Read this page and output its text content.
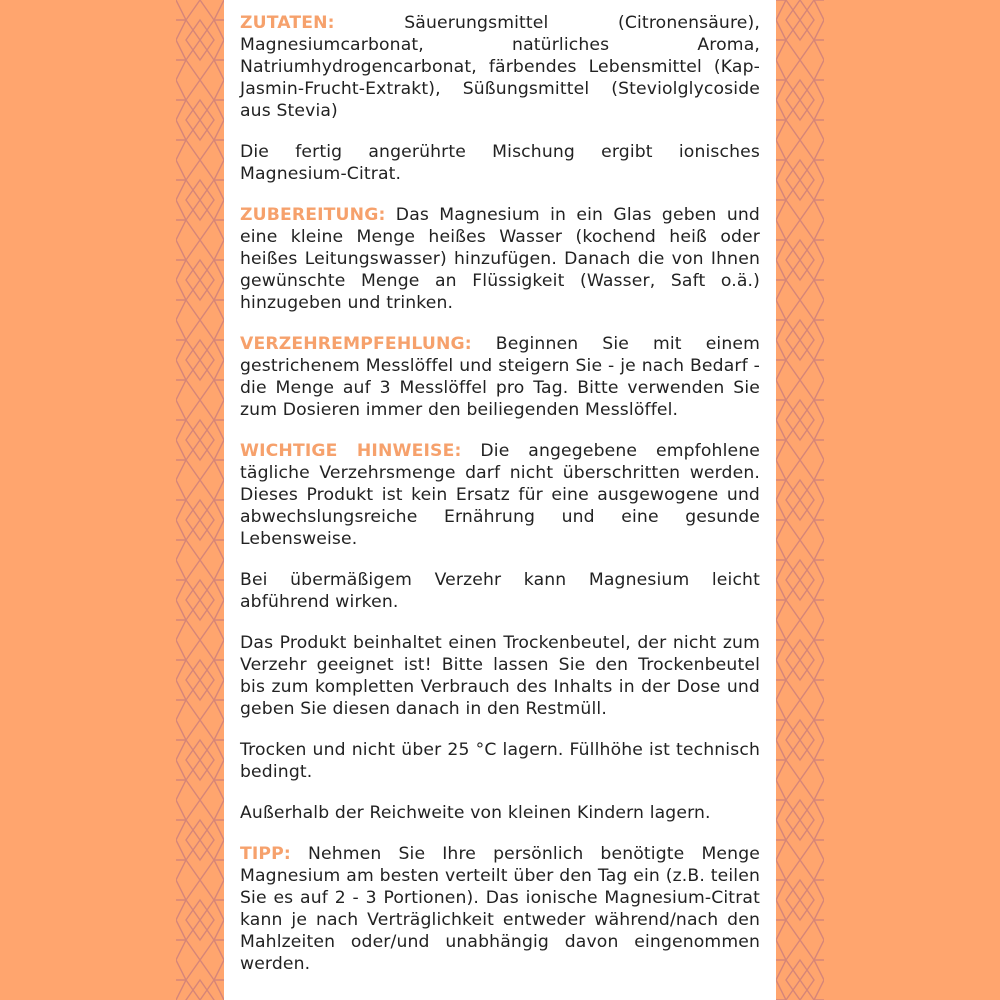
ZUTATEN: Säuerungsmittel (Citronensäure), Magnesiumcarbonat, natürliches Aroma, Natriumhydrogencarbonat, färbendes Lebensmittel (Kap-Jasmin-Frucht-Extrakt), Süßungsmittel (Steviolglycoside aus Stevia)

Die fertig angerührte Mischung ergibt ionisches Magnesium-Citrat.

ZUBEREITUNG: Das Magnesium in ein Glas geben und eine kleine Menge heißes Wasser (kochend heiß oder heißes Leitungswasser) hinzufügen. Danach die von Ihnen gewünschte Menge an Flüssigkeit (Wasser, Saft o.ä.) hinzugeben und trinken.

VERZEHREMPFEHLUNG: Beginnen Sie mit einem gestrichenem Messlöffel und steigern Sie - je nach Bedarf - die Menge auf 3 Messlöffel pro Tag. Bitte verwenden Sie zum Dosieren immer den beiliegenden Messlöffel.

WICHTIGE HINWEISE: Die angegebene empfohlene tägliche Verzehrsmenge darf nicht überschritten werden. Dieses Produkt ist kein Ersatz für eine ausgewogene und abwechslungsreiche Ernährung und eine gesunde Lebensweise.

Bei übermäßigem Verzehr kann Magnesium leicht abführend wirken.

Das Produkt beinhaltet einen Trockenbeutel, der nicht zum Verzehr geeignet ist! Bitte lassen Sie den Trockenbeutel bis zum kompletten Verbrauch des Inhalts in der Dose und geben Sie diesen danach in den Restmüll.

Trocken und nicht über 25 °C lagern. Füllhöhe ist technisch bedingt.

Außerhalb der Reichweite von kleinen Kindern lagern.

TIPP: Nehmen Sie Ihre persönlich benötigte Menge Magnesium am besten verteilt über den Tag ein (z.B. teilen Sie es auf 2 - 3 Portionen). Das ionische Magnesium-Citrat kann je nach Verträglichkeit entweder während/nach den Mahlzeiten oder/und unabhängig davon eingenommen werden.
